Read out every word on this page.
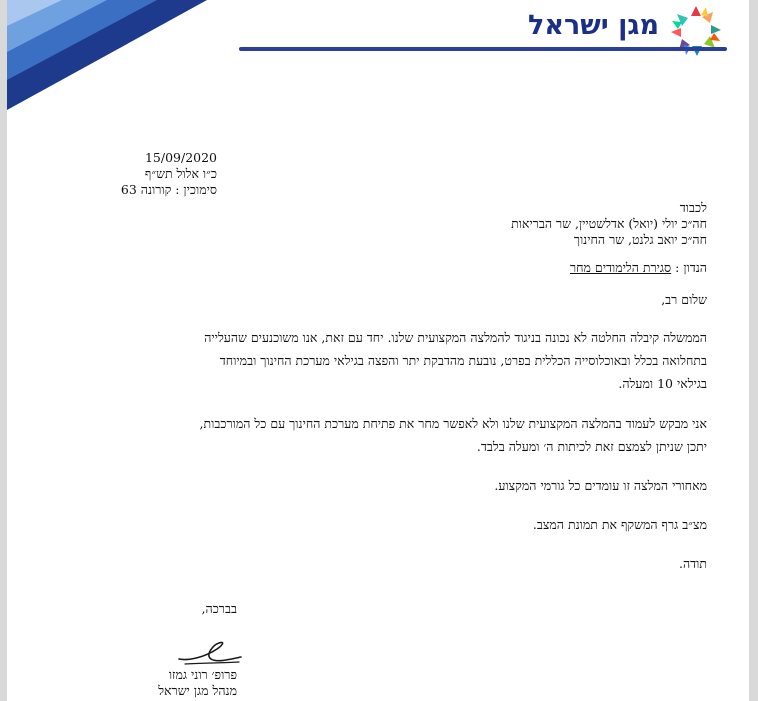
מגן ישראל
15/09/2020
כ״ו אלול תש״ף
סימוכין : קורונה 63
לכבוד
חה״כ יולי (יואל) אדלשטיין, שר הבריאות
חה״כ יואב גלנט, שר החינוך
הנדון : סגירת הלימודים מחר
שלום רב,
הממשלה קיבלה החלטה לא נכונה בניגוד להמלצה המקצועית שלנו. יחד עם זאת, אנו משוכנעים שהעלייה
בתחלואה בכלל ובאוכלוסייה הכללית בפרט, נובעת מהדבקת יתר והפצה בגילאי מערכת החינוך ובמיוחד
בגילאי 10 ומעלה.
אני מבקש לעמוד בהמלצה המקצועית שלנו ולא לאפשר מחר את פתיחת מערכת החינוך עם כל המורכבות,
יתכן שניתן לצמצם זאת לכיתות ה׳ ומעלה בלבד.
מאחורי המלצה זו עומדים כל גורמי המקצוע.
מצ״ב גרף המשקף את תמונת המצב.
תודה.
בברכה,
פרופ׳ רוני גמזו
מנהל מגן ישראל
